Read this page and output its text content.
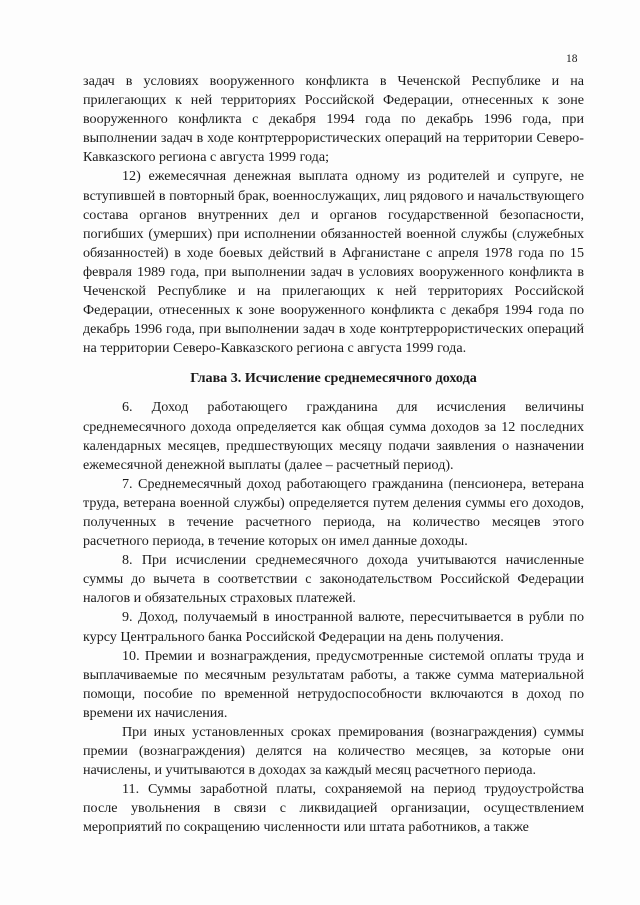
18

задач в условиях вооруженного конфликта в Чеченской Республике и на прилегающих к ней территориях Российской Федерации, отнесенных к зоне вооруженного конфликта с декабря 1994 года по декабрь 1996 года, при выполнении задач в ходе контртеррористических операций на территории Северо-Кавказского региона с августа 1999 года;

12) ежемесячная денежная выплата одному из родителей и супруге, не вступившей в повторный брак, военнослужащих, лиц рядового и начальствующего состава органов внутренних дел и органов государственной безопасности, погибших (умерших) при исполнении обязанностей военной службы (служебных обязанностей) в ходе боевых действий в Афганистане с апреля 1978 года по 15 февраля 1989 года, при выполнении задач в условиях вооруженного конфликта в Чеченской Республике и на прилегающих к ней территориях Российской Федерации, отнесенных к зоне вооруженного конфликта с декабря 1994 года по декабрь 1996 года, при выполнении задач в ходе контртеррористических операций на территории Северо-Кавказского региона с августа 1999 года.

Глава 3. Исчисление среднемесячного дохода

6. Доход работающего гражданина для исчисления величины среднемесячного дохода определяется как общая сумма доходов за 12 последних календарных месяцев, предшествующих месяцу подачи заявления о назначении ежемесячной денежной выплаты (далее – расчетный период).

7. Среднемесячный доход работающего гражданина (пенсионера, ветерана труда, ветерана военной службы) определяется путем деления суммы его доходов, полученных в течение расчетного периода, на количество месяцев этого расчетного периода, в течение которых он имел данные доходы.

8. При исчислении среднемесячного дохода учитываются начисленные суммы до вычета в соответствии с законодательством Российской Федерации налогов и обязательных страховых платежей.

9. Доход, получаемый в иностранной валюте, пересчитывается в рубли по курсу Центрального банка Российской Федерации на день получения.

10. Премии и вознаграждения, предусмотренные системой оплаты труда и выплачиваемые по месячным результатам работы, а также сумма материальной помощи, пособие по временной нетрудоспособности включаются в доход по времени их начисления.

При иных установленных сроках премирования (вознаграждения) суммы премии (вознаграждения) делятся на количество месяцев, за которые они начислены, и учитываются в доходах за каждый месяц расчетного периода.

11. Суммы заработной платы, сохраняемой на период трудоустройства после увольнения в связи с ликвидацией организации, осуществлением мероприятий по сокращению численности или штата работников, а также
